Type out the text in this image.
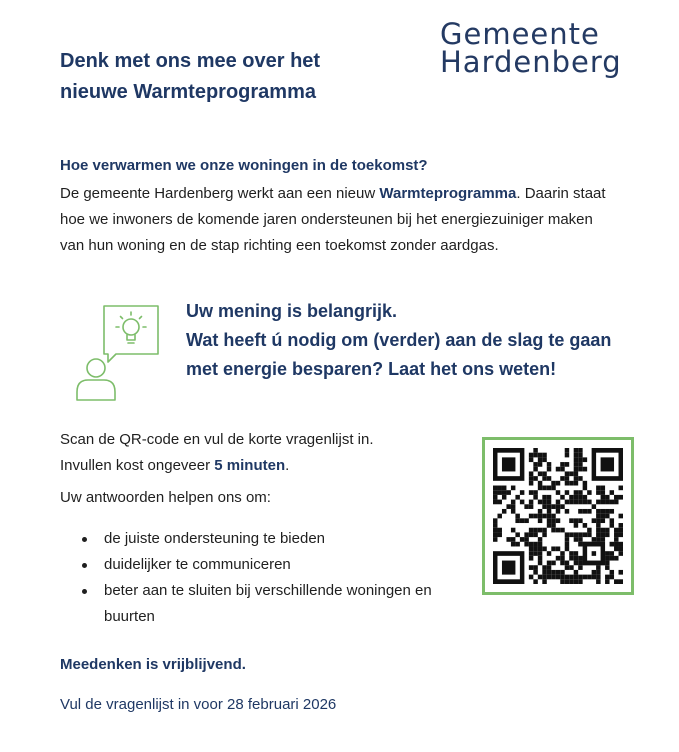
Denk met ons mee over het nieuwe Warmteprogramma
Gemeente
Hardenberg
Hoe verwarmen we onze woningen in de toekomst?
De gemeente Hardenberg werkt aan een nieuw Warmteprogramma. Daarin staat hoe we inwoners de komende jaren ondersteunen bij het energiezuiniger maken van hun woning en de stap richting een toekomst zonder aardgas.
Uw mening is belangrijk.
Wat heeft ú nodig om (verder) aan de slag te gaan met energie besparen? Laat het ons weten!
Scan de QR-code en vul de korte vragenlijst in.
Invullen kost ongeveer 5 minuten.
Uw antwoorden helpen ons om:
de juiste ondersteuning te bieden
duidelijker te communiceren
beter aan te sluiten bij verschillende woningen en buurten
Meedenken is vrijblijvend.
Vul de vragenlijst in voor 28 februari 2026
